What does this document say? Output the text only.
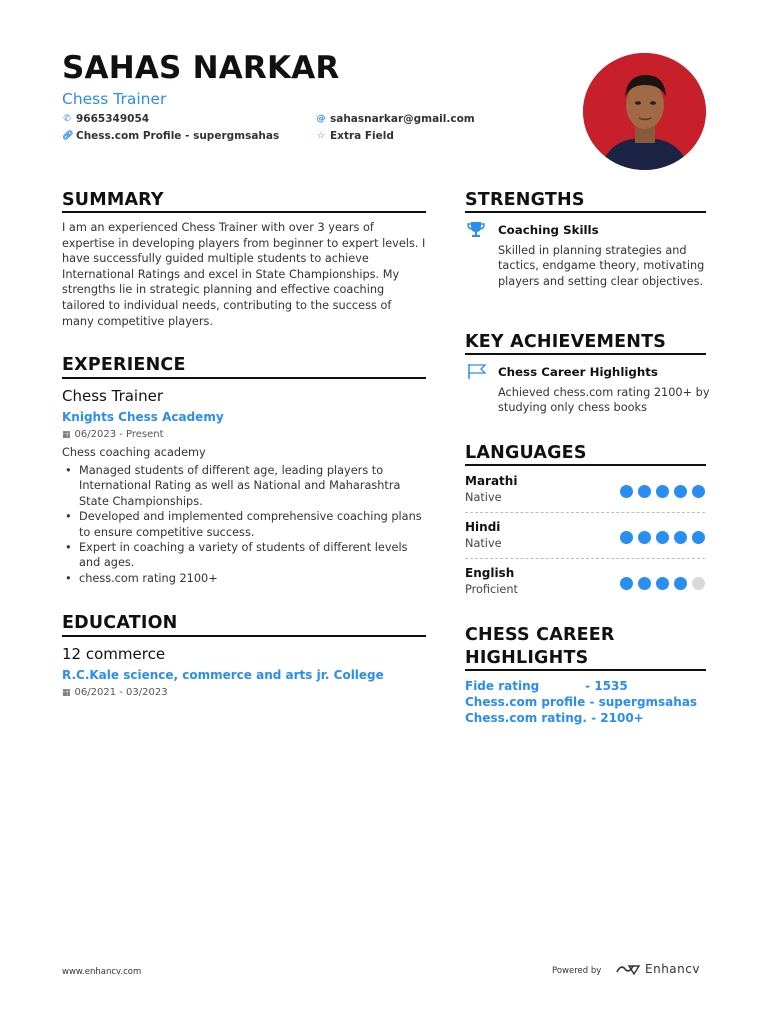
SAHAS NARKAR
Chess Trainer
✆ 9665349054
🔗︎ Chess.com Profile - supergmsahas
@ sahasnarkar@gmail.com
☆ Extra Field
SUMMARY
I am an experienced Chess Trainer with over 3 years of expertise in developing players from beginner to expert levels. I have successfully guided multiple students to achieve International Ratings and excel in State Championships. My strengths lie in strategic planning and effective coaching tailored to individual needs, contributing to the success of many competitive players.
EXPERIENCE
Chess Trainer
Knights Chess Academy
▦ 06/2023 - Present
Chess coaching academy
• Managed students of different age, leading players to International Rating as well as National and Maharashtra State Championships.
• Developed and implemented comprehensive coaching plans to ensure competitive success.
• Expert in coaching a variety of students of different levels and ages.
• chess.com rating 2100+
EDUCATION
12 commerce
R.C.Kale science, commerce and arts jr. College
▦ 06/2021 - 03/2023
STRENGTHS
Coaching Skills
Skilled in planning strategies and tactics, endgame theory, motivating players and setting clear objectives.
KEY ACHIEVEMENTS
Chess Career Highlights
Achieved chess.com rating 2100+ by studying only chess books
LANGUAGES
Marathi
Native
Hindi
Native
English
Proficient
CHESS CAREER
HIGHLIGHTS
Fide rating           - 1535
Chess.com profile - supergmsahas
Chess.com rating. - 2100+
www.enhancv.com	Powered by	Enhancv
